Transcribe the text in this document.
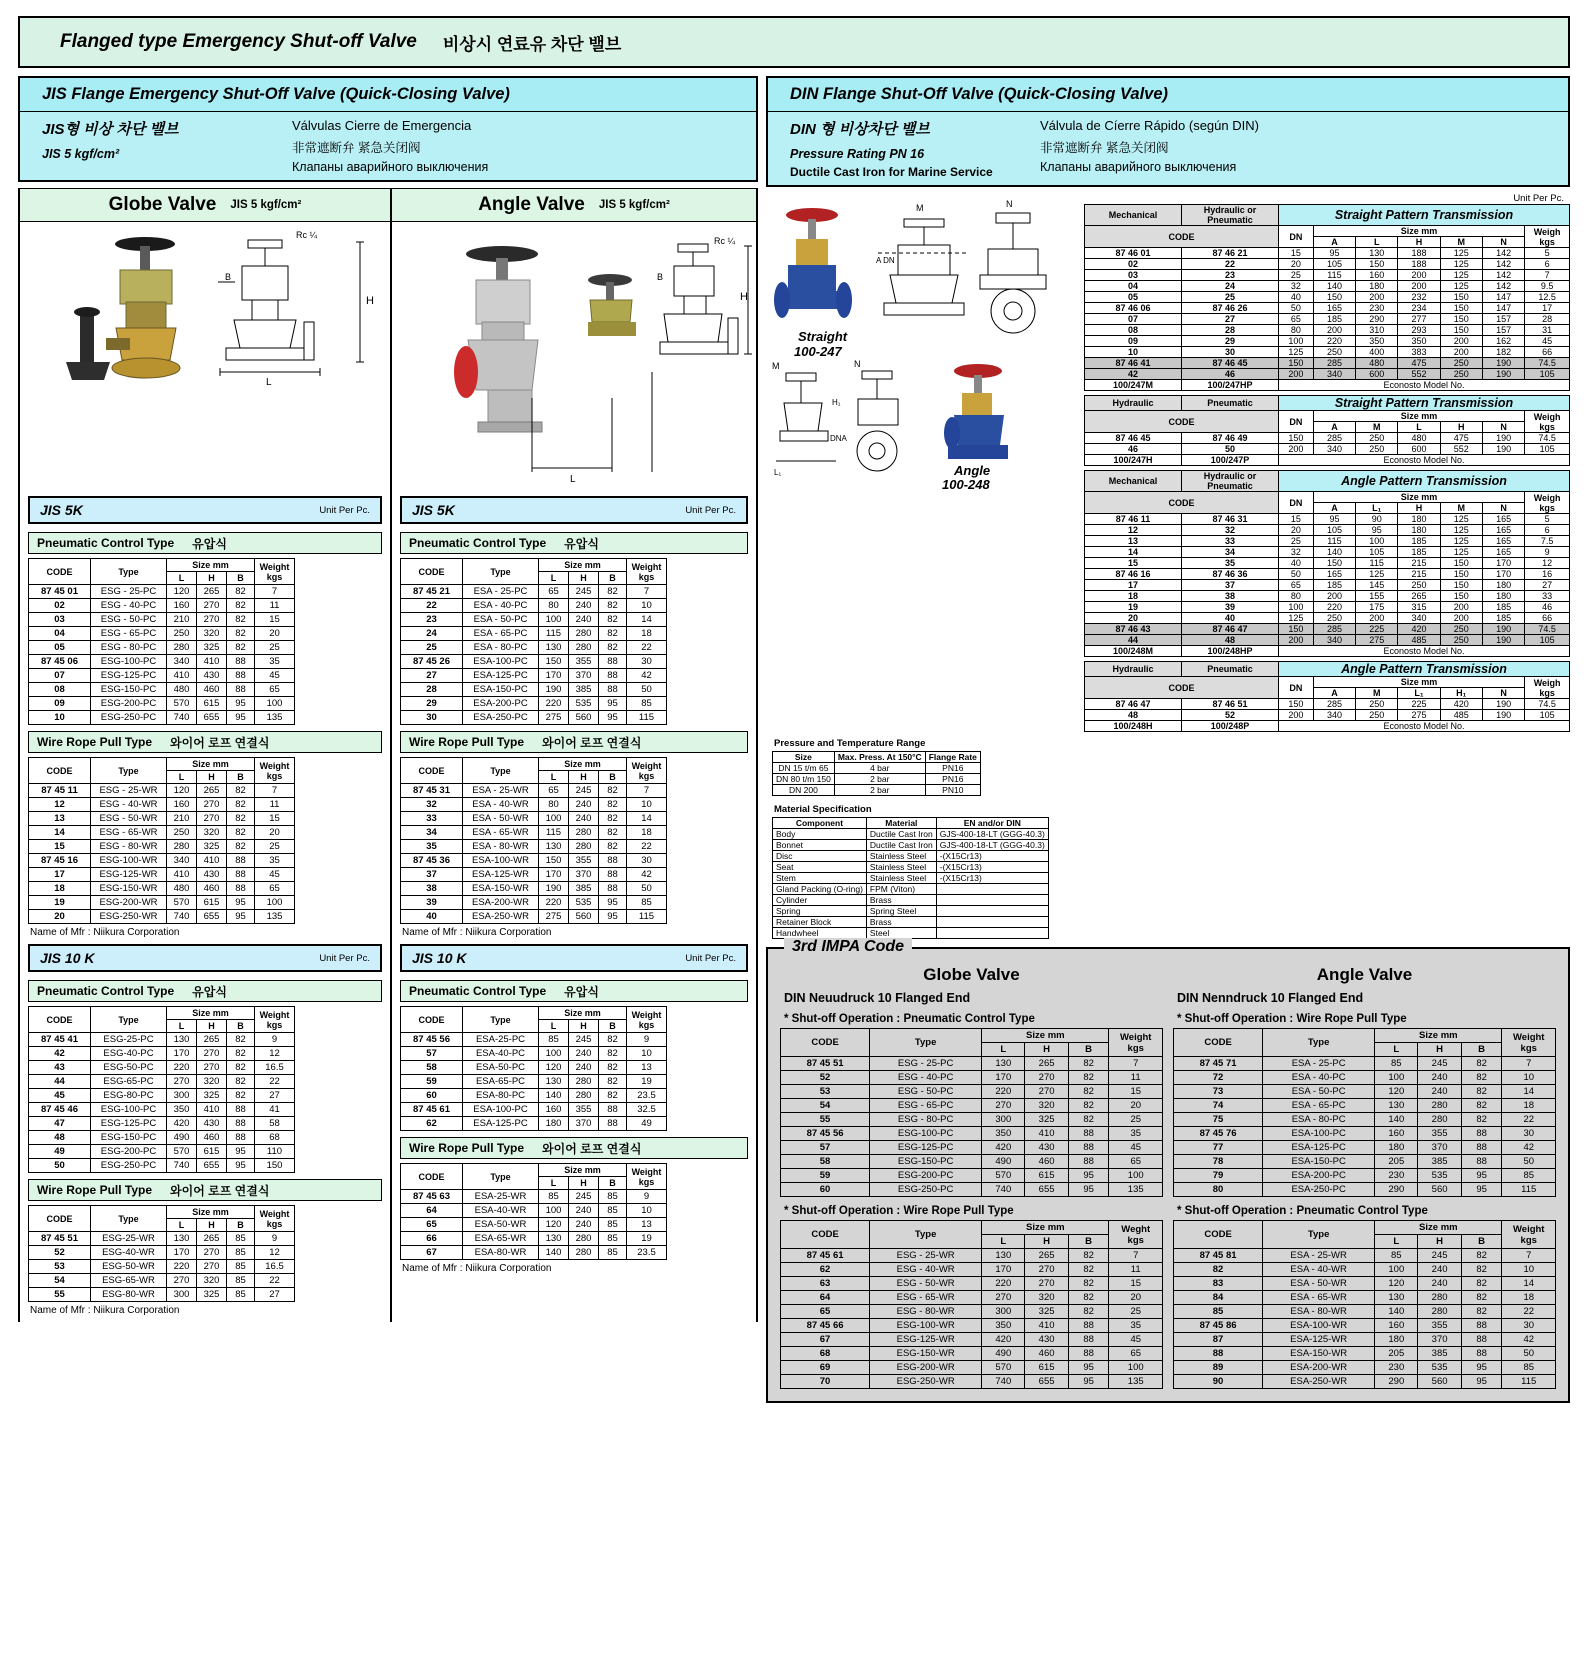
Flanged type Emergency Shut-off Valve 비상시 연료유 차단 밸브
JIS Flange Emergency Shut-Off Valve (Quick-Closing Valve)
JIS형 비상 차단 밸브
JIS 5 kgf/cm²
Válvulas Cierre de Emergencia
非常遮断弁 紧急关闭阀
Клапаны аварийного выключения
Globe Valve JIS 5 kgf/cm²
Rc ¼
B
H
L
JIS 5K	Unit Per Pc.
Pneumatic Control Type 유압식
CODE	Type	Size mm			Weight
kgs
		L	H	B	
87 45 01	ESG - 25-PC	120	265	82	7
02	ESG - 40-PC	160	270	82	11
03	ESG - 50-PC	210	270	82	15
04	ESG - 65-PC	250	320	82	20
05	ESG - 80-PC	280	325	82	25
87 45 06	ESG-100-PC	340	410	88	35
07	ESG-125-PC	410	430	88	45
08	ESG-150-PC	480	460	88	65
09	ESG-200-PC	570	615	95	100
10	ESG-250-PC	740	655	95	135
Wire Rope Pull Type 와이어 로프 연결식
CODE	Type	Size mm			Weight
kgs
		L	H	B	
87 45 11	ESG - 25-WR	120	265	82	7
12	ESG - 40-WR	160	270	82	11
13	ESG - 50-WR	210	270	82	15
14	ESG - 65-WR	250	320	82	20
15	ESG - 80-WR	280	325	82	25
87 45 16	ESG-100-WR	340	410	88	35
17	ESG-125-WR	410	430	88	45
18	ESG-150-WR	480	460	88	65
19	ESG-200-WR	570	615	95	100
20	ESG-250-WR	740	655	95	135
Name of Mfr : Niikura Corporation
JIS 10 K	Unit Per Pc.
Pneumatic Control Type 유압식
CODE	Type	Size mm			Weight
kgs
		L	H	B	
87 45 41	ESG-25-PC	130	265	82	9
42	ESG-40-PC	170	270	82	12
43	ESG-50-PC	220	270	82	16.5
44	ESG-65-PC	270	320	82	22
45	ESG-80-PC	300	325	82	27
87 45 46	ESG-100-PC	350	410	88	41
47	ESG-125-PC	420	430	88	58
48	ESG-150-PC	490	460	88	68
49	ESG-200-PC	570	615	95	110
50	ESG-250-PC	740	655	95	150
Wire Rope Pull Type 와이어 로프 연결식
CODE	Type	Size mm			Weight
kgs
		L	H	B	
87 45 51	ESG-25-WR	130	265	85	9
52	ESG-40-WR	170	270	85	12
53	ESG-50-WR	220	270	85	16.5
54	ESG-65-WR	270	320	85	22
55	ESG-80-WR	300	325	85	27
Name of Mfr : Niikura Corporation
Angle Valve JIS 5 kgf/cm²
Rc ¼
B
H
L
JIS 5K	Unit Per Pc.
Pneumatic Control Type 유압식
CODE	Type	Size mm			Weight
kgs
		L	H	B	
87 45 21	ESA - 25-PC	65	245	82	7
22	ESA - 40-PC	80	240	82	10
23	ESA - 50-PC	100	240	82	14
24	ESA - 65-PC	115	280	82	18
25	ESA - 80-PC	130	280	82	22
87 45 26	ESA-100-PC	150	355	88	30
27	ESA-125-PC	170	370	88	42
28	ESA-150-PC	190	385	88	50
29	ESA-200-PC	220	535	95	85
30	ESA-250-PC	275	560	95	115
Wire Rope Pull Type 와이어 로프 연결식
CODE	Type	Size mm			Weight
kgs
		L	H	B	
87 45 31	ESA - 25-WR	65	245	82	7
32	ESA - 40-WR	80	240	82	10
33	ESA - 50-WR	100	240	82	14
34	ESA - 65-WR	115	280	82	18
35	ESA - 80-WR	130	280	82	22
87 45 36	ESA-100-WR	150	355	88	30
37	ESA-125-WR	170	370	88	42
38	ESA-150-WR	190	385	88	50
39	ESA-200-WR	220	535	95	85
40	ESA-250-WR	275	560	95	115
Name of Mfr : Niikura Corporation
JIS 10 K	Unit Per Pc.
Pneumatic Control Type 유압식
CODE	Type	Size mm			Weight
kgs
		L	H	B	
87 45 56	ESA-25-PC	85	245	82	9
57	ESA-40-PC	100	240	82	10
58	ESA-50-PC	120	240	82	13
59	ESA-65-PC	130	280	82	19
60	ESA-80-PC	140	280	82	23.5
87 45 61	ESA-100-PC	160	355	88	32.5
62	ESA-125-PC	180	370	88	49
Wire Rope Pull Type 와이어 로프 연결식
CODE	Type	Size mm			Weight
kgs
		L	H	B	
87 45 63	ESA-25-WR	85	245	85	9
64	ESA-40-WR	100	240	85	10
65	ESA-50-WR	120	240	85	13
66	ESA-65-WR	130	280	85	19
67	ESA-80-WR	140	280	85	23.5
Name of Mfr : Niikura Corporation
DIN Flange Shut-Off Valve (Quick-Closing Valve)
DIN 형 비상차단 밸브
Pressure Rating PN 16
Ductile Cast Iron for Marine Service
Válvula de Cíerre Rápido (según DIN)
非常遮断弁 紧急关闭阀
Клапаны аварийного выключения
Straight
100-247
M	N
A DN
Angle
100-248
M	N
H₁
DNA
L₁
Unit Per Pc.
Mechanical	Hydraulic or Pneumatic	Straight Pattern Transmission						
CODE		DN	Size mm					Weigh
kgs
			A	L	H	M	N	
87 46 01	87 46 21	15	95	130	188	125	142	5
02	22	20	105	150	188	125	142	6
03	23	25	115	160	200	125	142	7
04	24	32	140	180	200	125	142	9.5
05	25	40	150	200	232	150	147	12.5
87 46 06	87 46 26	50	165	230	234	150	147	17
07	27	65	185	290	277	150	157	28
08	28	80	200	310	293	150	157	31
09	29	100	220	350	350	200	162	45
10	30	125	250	400	383	200	182	66
87 46 41	87 46 45	150	285	480	475	250	190	74.5
42	46	200	340	600	552	250	190	105
100/247M	100/247HP	Econosto Model No.						
Hydraulic	Pneumatic	Straight Pattern Transmission						
CODE		DN	Size mm					Weigh
kgs
			A	M	L	H	N	
87 46 45	87 46 49	150	285	250	480	475	190	74.5
46	50	200	340	250	600	552	190	105
100/247H	100/247P	Econosto Model No.						
Mechanical	Hydraulic or Pneumatic	Angle Pattern Transmission						
CODE		DN	Size mm					Weigh
kgs
			A	L₁	H	M	N	
87 46 11	87 46 31	15	95	90	180	125	165	5
12	32	20	105	95	180	125	165	6
13	33	25	115	100	185	125	165	7.5
14	34	32	140	105	185	125	165	9
15	35	40	150	115	215	150	170	12
87 46 16	87 46 36	50	165	125	215	150	170	16
17	37	65	185	145	250	150	180	27
18	38	80	200	155	265	150	180	33
19	39	100	220	175	315	200	185	46
20	40	125	250	200	340	200	185	66
87 46 43	87 46 47	150	285	225	420	250	190	74.5
44	48	200	340	275	485	250	190	105
100/248M	100/248HP	Econosto Model No.						
Hydraulic	Pneumatic	Angle Pattern Transmission						
CODE		DN	Size mm					Weigh
kgs
			A	M	L₁	H₁	N	
87 46 47	87 46 51	150	285	250	225	420	190	74.5
48	52	200	340	250	275	485	190	105
100/248H	100/248P	Econosto Model No.						
Pressure and Temperature Range
Size	Max. Press. At 150°C	Flange Rate
DN 15 t/m 65	4 bar	PN16
DN 80 t/m 150	2 bar	PN16
DN 200	2 bar	PN10
Material Specification
Component	Material	EN and/or DIN
Body	Ductile Cast Iron	GJS-400-18-LT (GGG-40.3)
Bonnet	Ductile Cast Iron	GJS-400-18-LT (GGG-40.3)
Disc	Stainless Steel	-(X15Cr13)
Seat	Stainless Steel	-(X15Cr13)
Stem	Stainless Steel	-(X15Cr13)
Gland Packing (O-ring)	FPM (Viton)	
Cylinder	Brass	
Spring	Spring Steel	
Retainer Block	Brass	
Handwheel	Steel	
3rd IMPA Code
Globe Valve
DIN Neuudruck 10 Flanged End
* Shut-off Operation : Pneumatic Control Type
CODE	Type	Size mm			Weight
kgs
		L	H	B	
87 45 51	ESG - 25-PC	130	265	82	7
52	ESG - 40-PC	170	270	82	11
53	ESG - 50-PC	220	270	82	15
54	ESG - 65-PC	270	320	82	20
55	ESG - 80-PC	300	325	82	25
87 45 56	ESG-100-PC	350	410	88	35
57	ESG-125-PC	420	430	88	45
58	ESG-150-PC	490	460	88	65
59	ESG-200-PC	570	615	95	100
60	ESG-250-PC	740	655	95	135
* Shut-off Operation : Wire Rope Pull Type
CODE	Type	Size mm			Weght
kgs
		L	H	B	
87 45 61	ESG - 25-WR	130	265	82	7
62	ESG - 40-WR	170	270	82	11
63	ESG - 50-WR	220	270	82	15
64	ESG - 65-WR	270	320	82	20
65	ESG - 80-WR	300	325	82	25
87 45 66	ESG-100-WR	350	410	88	35
67	ESG-125-WR	420	430	88	45
68	ESG-150-WR	490	460	88	65
69	ESG-200-WR	570	615	95	100
70	ESG-250-WR	740	655	95	135
Angle Valve
DIN Nenndruck 10 Flanged End
* Shut-off Operation : Wire Rope Pull Type
CODE	Type	Size mm			Weight
kgs
		L	H	B	
87 45 71	ESA - 25-PC	85	245	82	7
72	ESA - 40-PC	100	240	82	10
73	ESA - 50-PC	120	240	82	14
74	ESA - 65-PC	130	280	82	18
75	ESA - 80-PC	140	280	82	22
87 45 76	ESA-100-PC	160	355	88	30
77	ESA-125-PC	180	370	88	42
78	ESA-150-PC	205	385	88	50
79	ESA-200-PC	230	535	95	85
80	ESA-250-PC	290	560	95	115
* Shut-off Operation : Pneumatic Control Type
CODE	Type	Size mm			Weight
kgs
		L	H	B	
87 45 81	ESA - 25-WR	85	245	82	7
82	ESA - 40-WR	100	240	82	10
83	ESA - 50-WR	120	240	82	14
84	ESA - 65-WR	130	280	82	18
85	ESA - 80-WR	140	280	82	22
87 45 86	ESA-100-WR	160	355	88	30
87	ESA-125-WR	180	370	88	42
88	ESA-150-WR	205	385	88	50
89	ESA-200-WR	230	535	95	85
90	ESA-250-WR	290	560	95	115
